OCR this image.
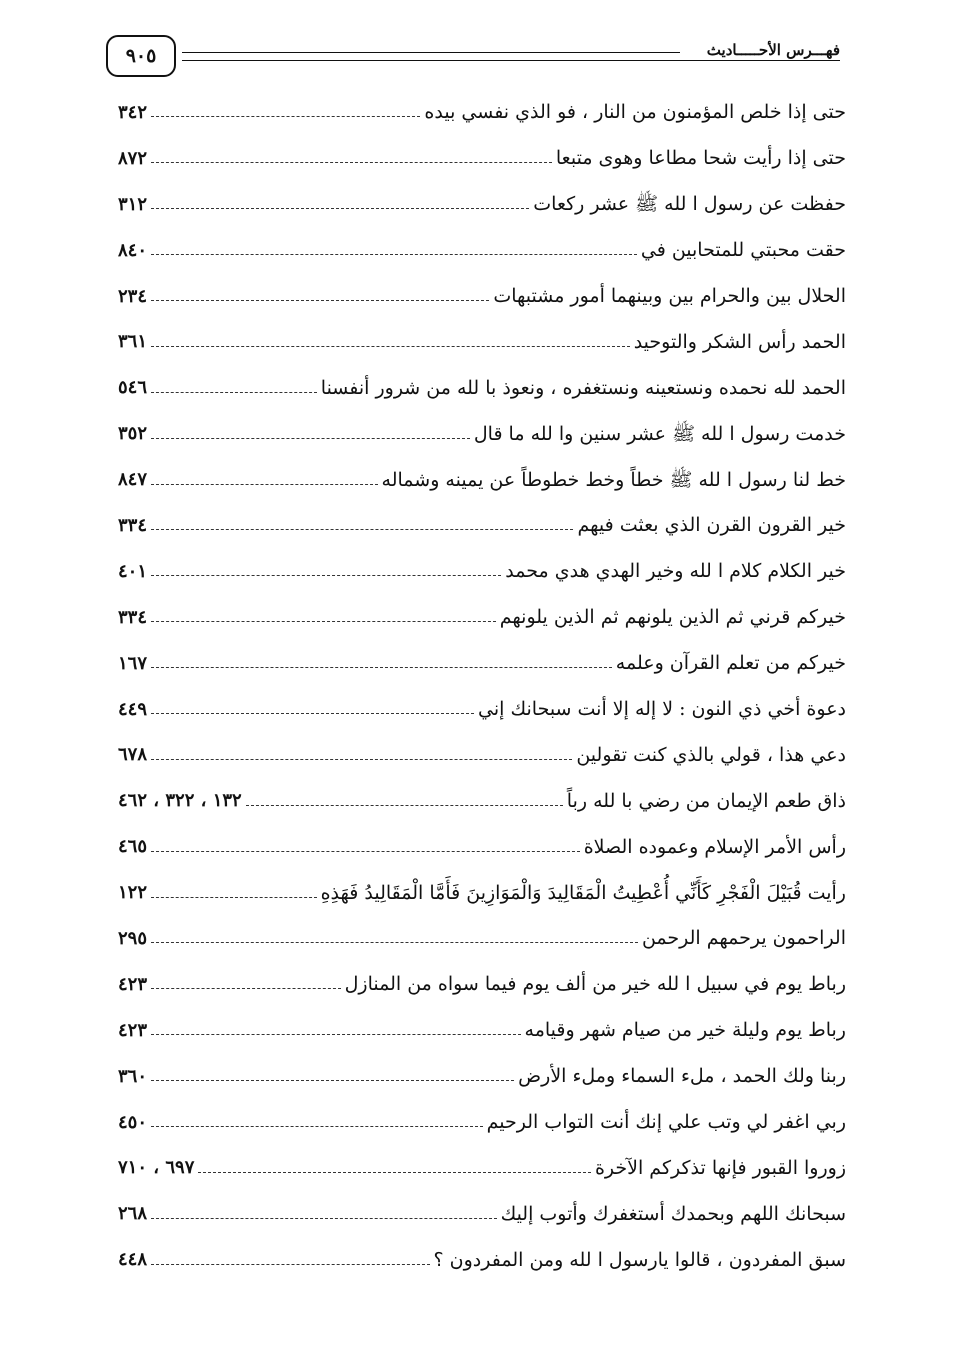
٩٠٥	فهـــرس الأحـــــاديث
حتى إذا خلص المؤمنون من النار ، فو الذي نفسي بيده
٣٤٢
حتى إذا رأيت شحا مطاعا وهوى متبعا
٨٧٢
حفظت عن رسول ا لله ﷺ عشر ركعات
٣١٢
حقت محبتي للمتحابين في
٨٤٠
الحلال بين والحرام بين وبينهما أمور مشتبهات
٢٣٤
الحمد رأس الشكر والتوحيد
٣٦١
الحمد لله نحمده ونستعينه ونستغفره ، ونعوذ با لله من شرور أنفسنا
٥٤٦
خدمت رسول ا لله ﷺ عشر سنين وا لله ما قال
٣٥٢
خط لنا رسول ا لله ﷺ خطاً وخط خطوطاً عن يمينه وشماله
٨٤٧
خير القرون القرن الذي بعثت فيهم
٣٣٤
خير الكلام كلام ا لله وخير الهدي هدي محمد
٤٠١
خيركم قرني ثم الذين يلونهم ثم الذين يلونهم
٣٣٤
خيركم من تعلم القرآن وعلمه
١٦٧
دعوة أخي ذي النون : لا إله إلا أنت سبحانك إني
٤٤٩
دعي هذا ، قولي بالذي كنت تقولين
٦٧٨
ذاق طعم الإيمان من رضي با لله رباً
١٣٢ ، ٣٢٢ ، ٤٦٢
رأس الأمر الإسلام وعموده الصلاة
٤٦٥
رأيت قُبَيْلَ الْفَجْرِ كَأَنِّي أُعْطِيتُ الْمَقَالِيدَ وَالْمَوَازِينَ فَأَمَّا الْمَقَالِيدُ فَهَذِهِ
١٢٢
الراحمون يرحمهم الرحمن
٢٩٥
رباط يوم في سبيل ا لله خير من ألف يوم فيما سواه من المنازل
٤٢٣
رباط يوم وليلة خير من صيام شهر وقيامه
٤٢٣
ربنا ولك الحمد ، ملء السماء وملء الأرض
٣٦٠
ربي اغفر لي وتب علي إنك أنت التواب الرحيم
٤٥٠
زوروا القبور فإنها تذكركم الآخرة
٦٩٧ ، ٧١٠
سبحانك اللهم وبحمدك أستغفرك وأتوب إليك
٢٦٨
سبق المفردون ، قالوا يارسول ا لله ومن المفردون ؟
٤٤٨
